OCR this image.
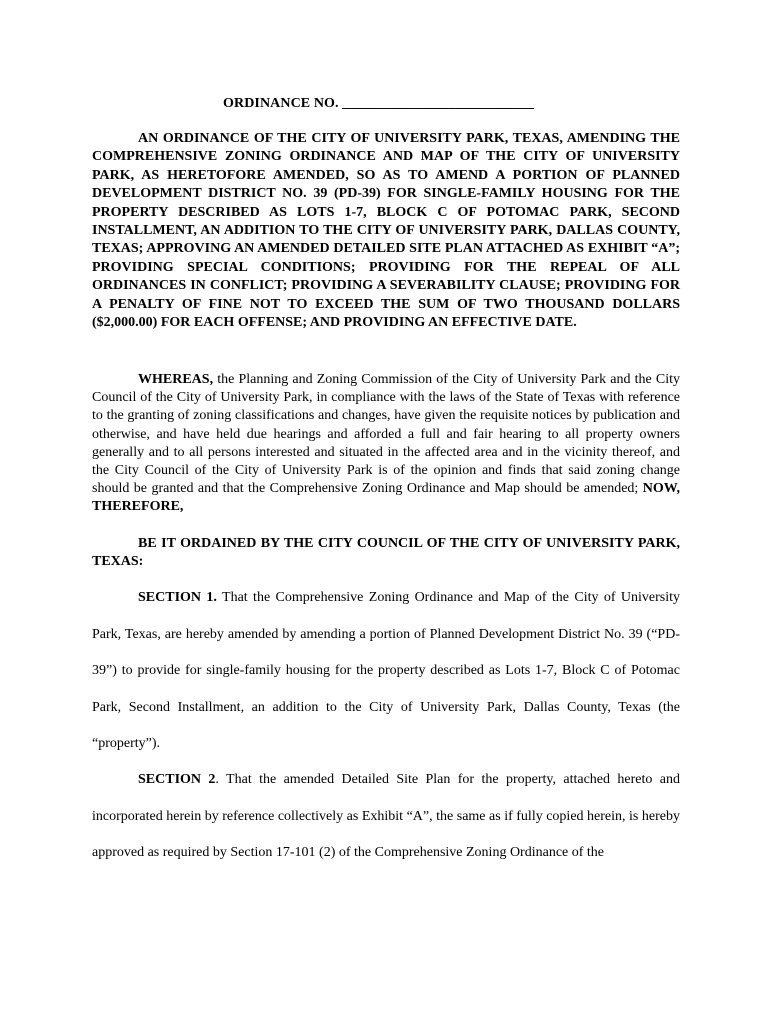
ORDINANCE NO. ___________________________

AN ORDINANCE OF THE CITY OF UNIVERSITY PARK, TEXAS, AMENDING THE COMPREHENSIVE ZONING ORDINANCE AND MAP OF THE CITY OF UNIVERSITY PARK, AS HERETOFORE AMENDED, SO AS TO AMEND A PORTION OF PLANNED DEVELOPMENT DISTRICT NO. 39 (PD-39) FOR SINGLE-FAMILY HOUSING FOR THE PROPERTY DESCRIBED AS LOTS 1-7, BLOCK C OF POTOMAC PARK, SECOND INSTALLMENT, AN ADDITION TO THE CITY OF UNIVERSITY PARK, DALLAS COUNTY, TEXAS; APPROVING AN AMENDED DETAILED SITE PLAN ATTACHED AS EXHIBIT “A”; PROVIDING SPECIAL CONDITIONS; PROVIDING FOR THE REPEAL OF ALL ORDINANCES IN CONFLICT; PROVIDING A SEVERABILITY CLAUSE; PROVIDING FOR A PENALTY OF FINE NOT TO EXCEED THE SUM OF TWO THOUSAND DOLLARS ($2,000.00) FOR EACH OFFENSE; AND PROVIDING AN EFFECTIVE DATE.

WHEREAS, the Planning and Zoning Commission of the City of University Park and the City Council of the City of University Park, in compliance with the laws of the State of Texas with reference to the granting of zoning classifications and changes, have given the requisite notices by publication and otherwise, and have held due hearings and afforded a full and fair hearing to all property owners generally and to all persons interested and situated in the affected area and in the vicinity thereof, and the City Council of the City of University Park is of the opinion and finds that said zoning change should be granted and that the Comprehensive Zoning Ordinance and Map should be amended; NOW, THEREFORE,

BE IT ORDAINED BY THE CITY COUNCIL OF THE CITY OF UNIVERSITY PARK, TEXAS:

SECTION 1. That the Comprehensive Zoning Ordinance and Map of the City of University Park, Texas, are hereby amended by amending a portion of Planned Development District No. 39 (“PD-39”) to provide for single-family housing for the property described as Lots 1-7, Block C of Potomac Park, Second Installment, an addition to the City of University Park, Dallas County, Texas (the “property”).

SECTION 2. That the amended Detailed Site Plan for the property, attached hereto and incorporated herein by reference collectively as Exhibit “A”, the same as if fully copied herein, is hereby approved as required by Section 17-101 (2) of the Comprehensive Zoning Ordinance of the
